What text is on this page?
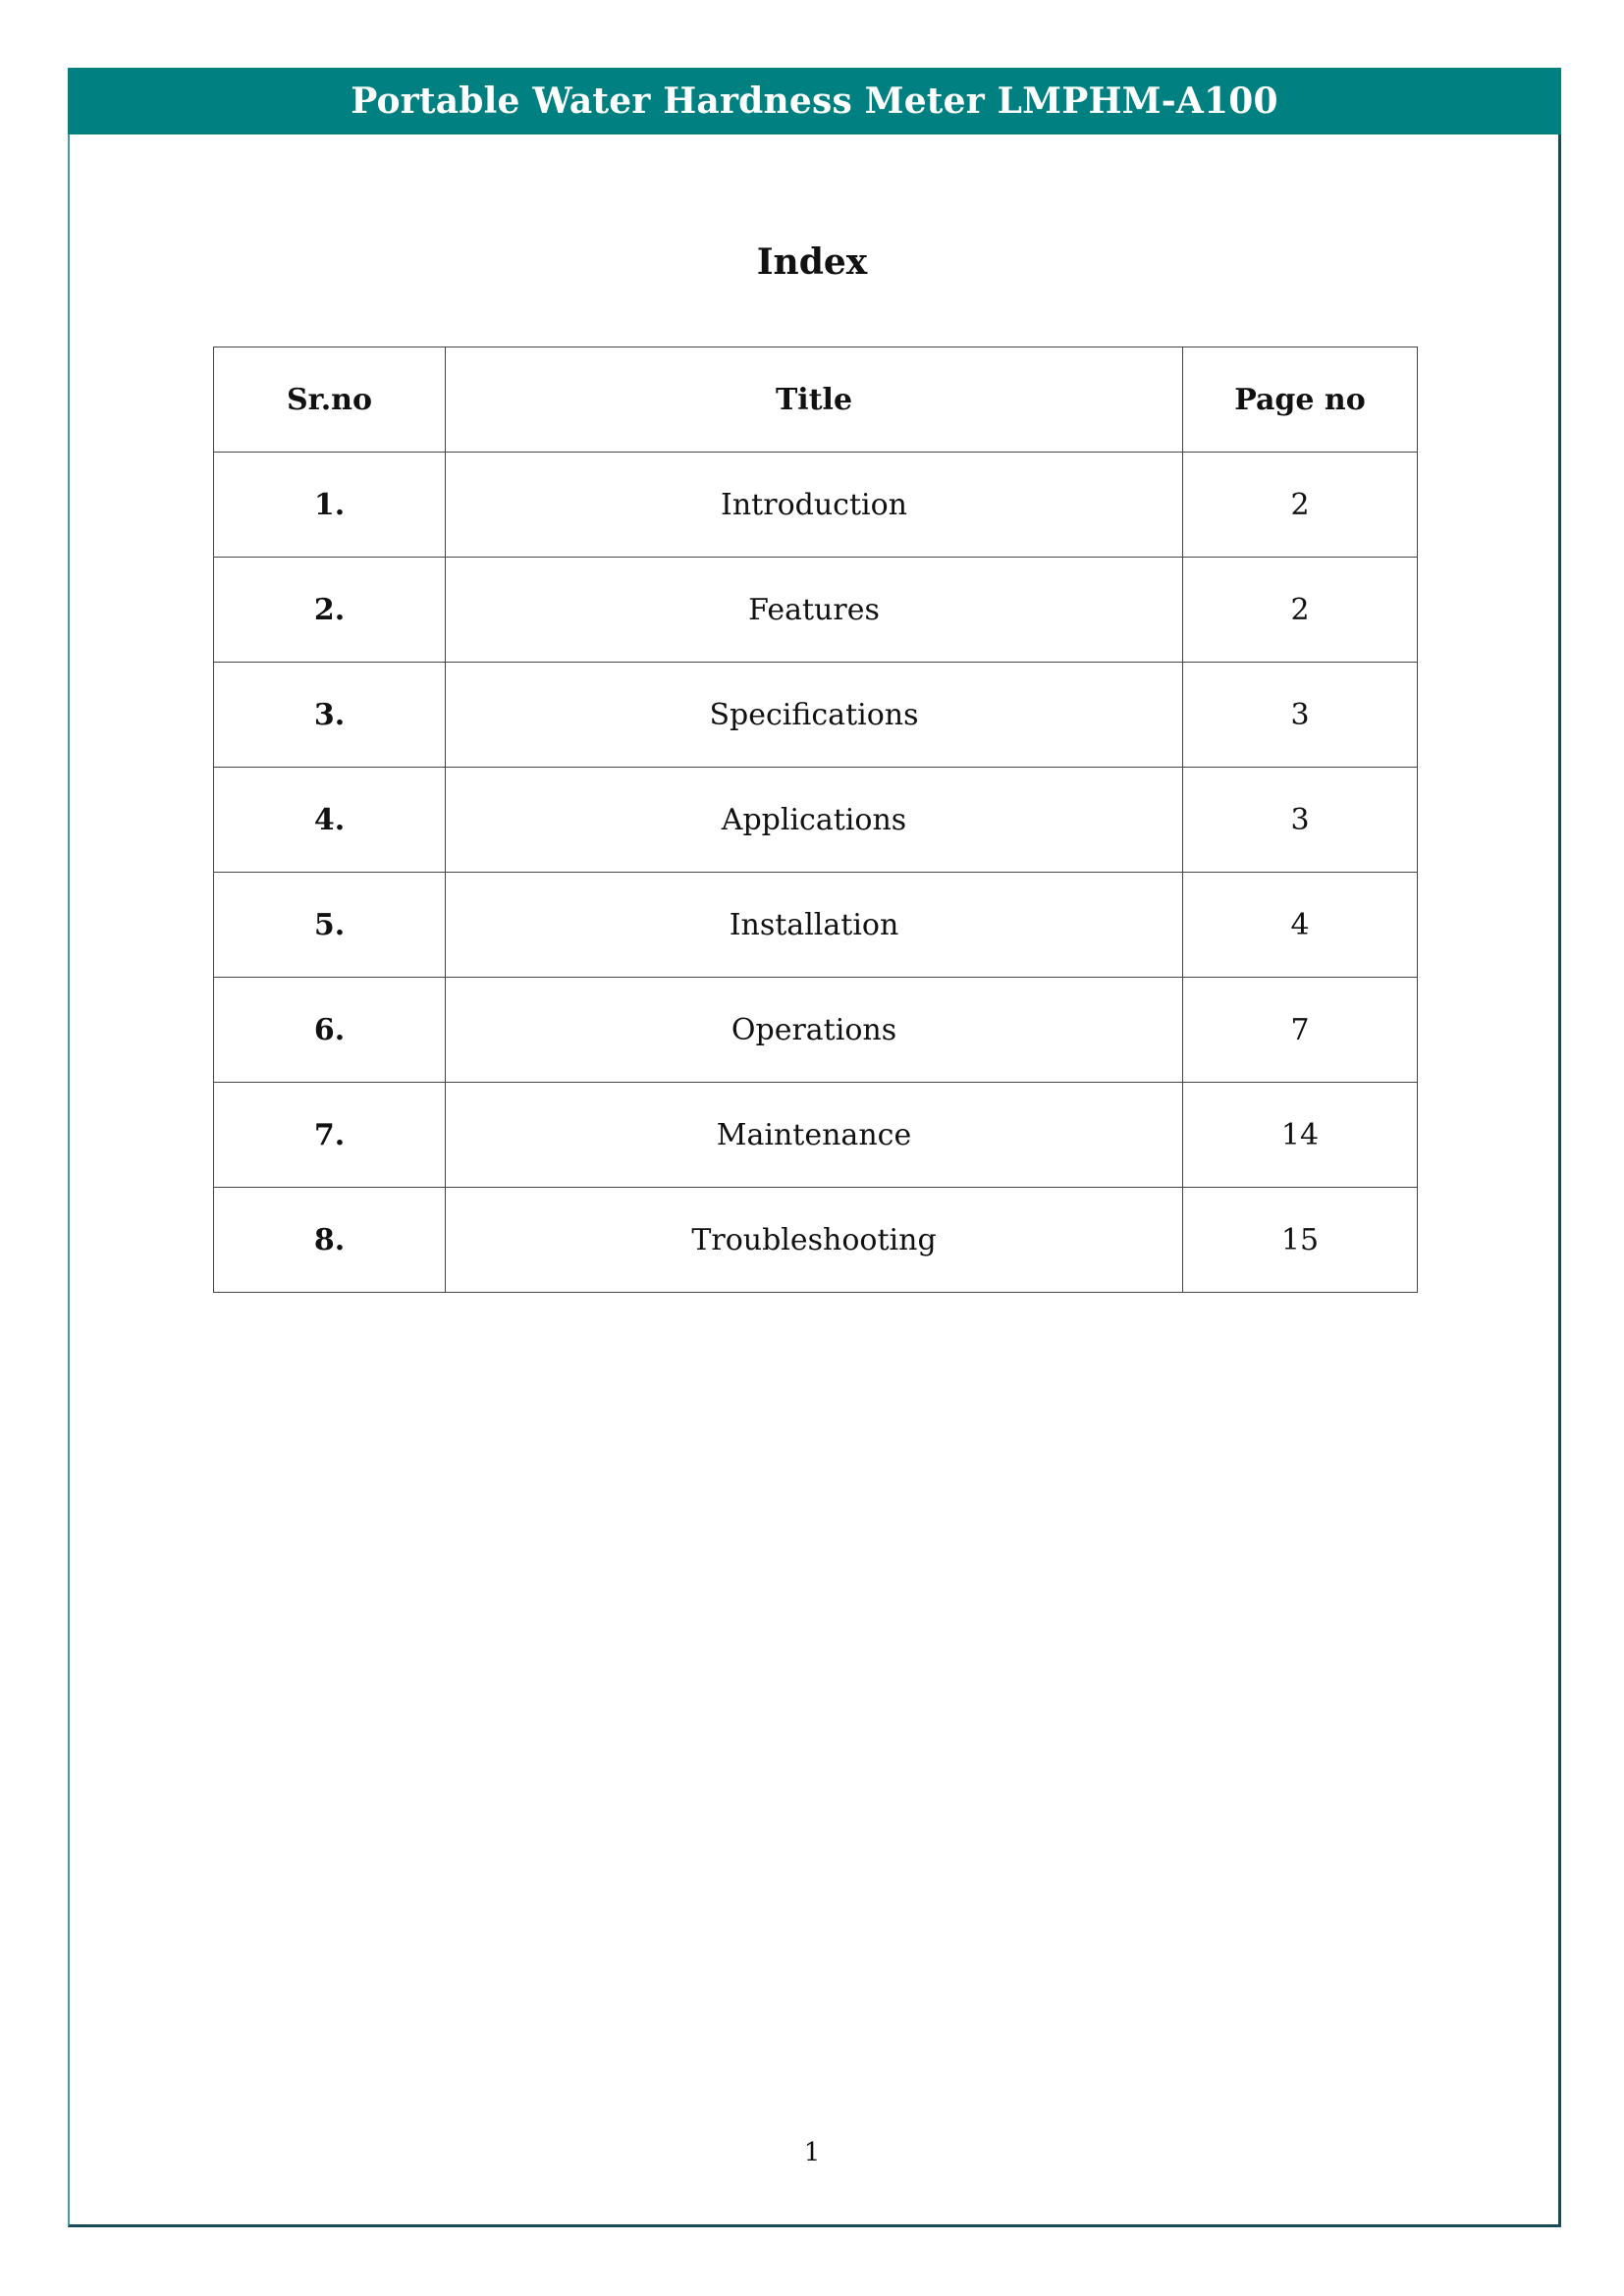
Portable Water Hardness Meter LMPHM-A100
Index
Sr.no	Title	Page no
1.	Introduction	2
2.	Features	2
3.	Specifications	3
4.	Applications	3
5.	Installation	4
6.	Operations	7
7.	Maintenance	14
8.	Troubleshooting	15
1
